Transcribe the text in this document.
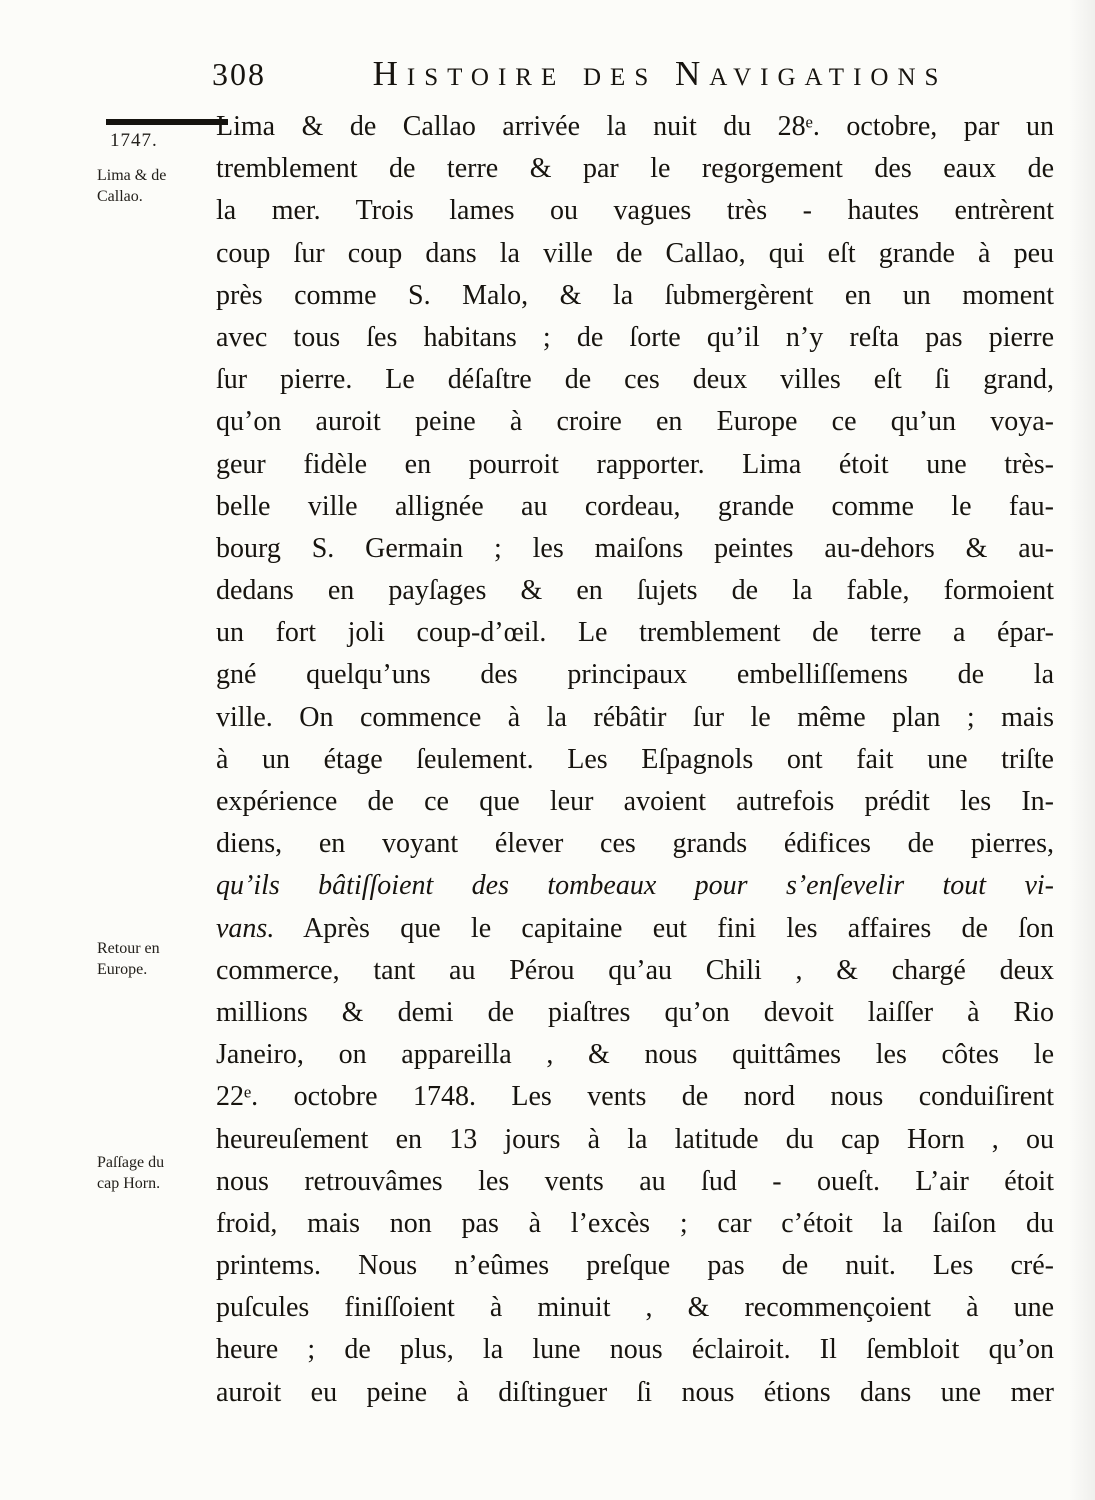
308	Histoire des Navigations
1747.
Lima & de
Callao.
Retour en
Europe.
Paſſage du
cap Horn.
Lima & de Callao arrivée la nuit du 28ᵉ. octobre, par un
tremblement de terre & par le regorgement des eaux de
la mer. Trois lames ou vagues très - hautes entrèrent
coup ſur coup dans la ville de Callao, qui eſt grande à peu
près comme S. Malo, & la ſubmergèrent en un moment
avec tous ſes habitans ; de ſorte qu’il n’y reſta pas pierre
ſur pierre. Le déſaſtre de ces deux villes eſt ſi grand,
qu’on auroit peine à croire en Europe ce qu’un voya-
geur fidèle en pourroit rapporter. Lima étoit une très-
belle ville allignée au cordeau, grande comme le fau-
bourg S. Germain ; les maiſons peintes au-dehors & au-
dedans en payſages & en ſujets de la fable, formoient
un fort joli coup-d’œil. Le tremblement de terre a épar-
gné quelqu’uns des principaux embelliſſemens de la
ville. On commence à la rébâtir ſur le même plan ; mais
à un étage ſeulement. Les Eſpagnols ont fait une triſte
expérience de ce que leur avoient autrefois prédit les In-
diens, en voyant élever ces grands édifices de pierres,
qu’ils bâtiſſoient des tombeaux pour s’enſevelir tout vi-
vans. Après que le capitaine eut fini les affaires de ſon
commerce, tant au Pérou qu’au Chili , & chargé deux
millions & demi de piaſtres qu’on devoit laiſſer à Rio
Janeiro, on appareilla , & nous quittâmes les côtes le
22ᵉ. octobre 1748. Les vents de nord nous conduiſirent
heureuſement en 13 jours à la latitude du cap Horn , ou
nous retrouvâmes les vents au ſud - oueſt. L’air étoit
froid, mais non pas à l’excès ; car c’étoit la ſaiſon du
printems. Nous n’eûmes preſque pas de nuit. Les cré-
puſcules finiſſoient à minuit , & recommençoient à une
heure ; de plus, la lune nous éclairoit. Il ſembloit qu’on
auroit eu peine à diſtinguer ſi nous étions dans une mer
